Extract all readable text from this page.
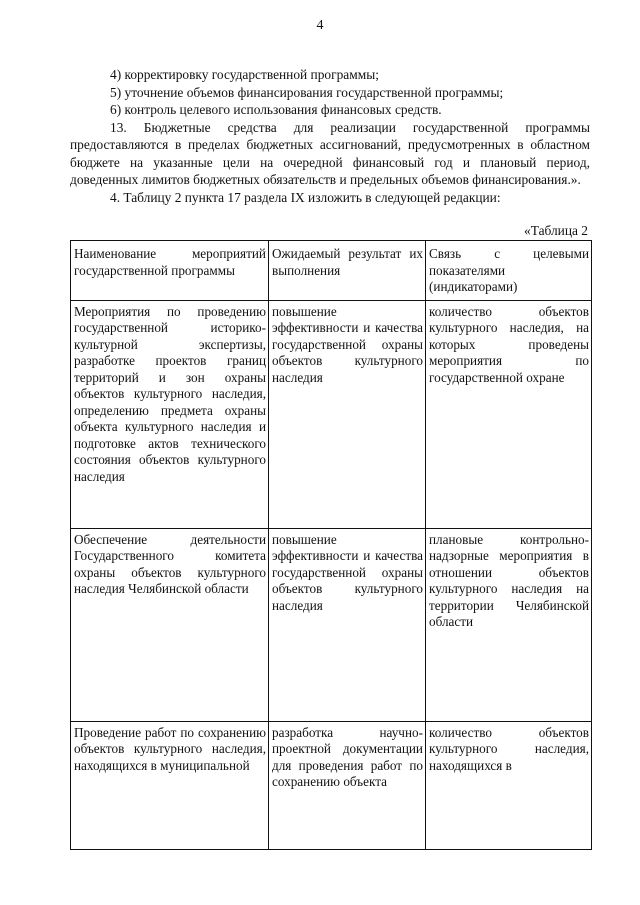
4

4) корректировку государственной программы;

5) уточнение объемов финансирования государственной программы;

6) контроль целевого использования финансовых средств.

13. Бюджетные средства для реализации государственной программы предоставляются в пределах бюджетных ассигнований, предусмотренных в областном бюджете на указанные цели на очередной финансовый год и плановый период, доведенных лимитов бюджетных обязательств и предельных объемов финансирования.».

4. Таблицу 2 пункта 17 раздела IX изложить в следующей редакции:

«Таблица 2
Наименование мероприятий государственной программы	Ожидаемый результат их выполнения	Связь с целевыми показателями (индикаторами)
Мероприятия по проведению государственной историко-культурной экспертизы, разработке проектов границ территорий и зон охраны объектов культурного наследия, определению предмета охраны объекта культурного наследия и подготовке актов технического состояния объектов культурного наследия	повышение эффективности и качества государственной охраны объектов культурного наследия	количество объектов культурного наследия, на которых проведены мероприятия по государственной охране
Обеспечение деятельности Государственного комитета охраны объектов культурного наследия Челябинской области	повышение эффективности и качества государственной охраны объектов культурного наследия	плановые контрольно-надзорные мероприятия в отношении объектов культурного наследия на территории Челябинской области
Проведение работ по сохранению объектов культурного наследия, находящихся в муниципальной	разработка научно-проектной документации для проведения работ по сохранению объекта	количество объектов культурного наследия, находящихся в
